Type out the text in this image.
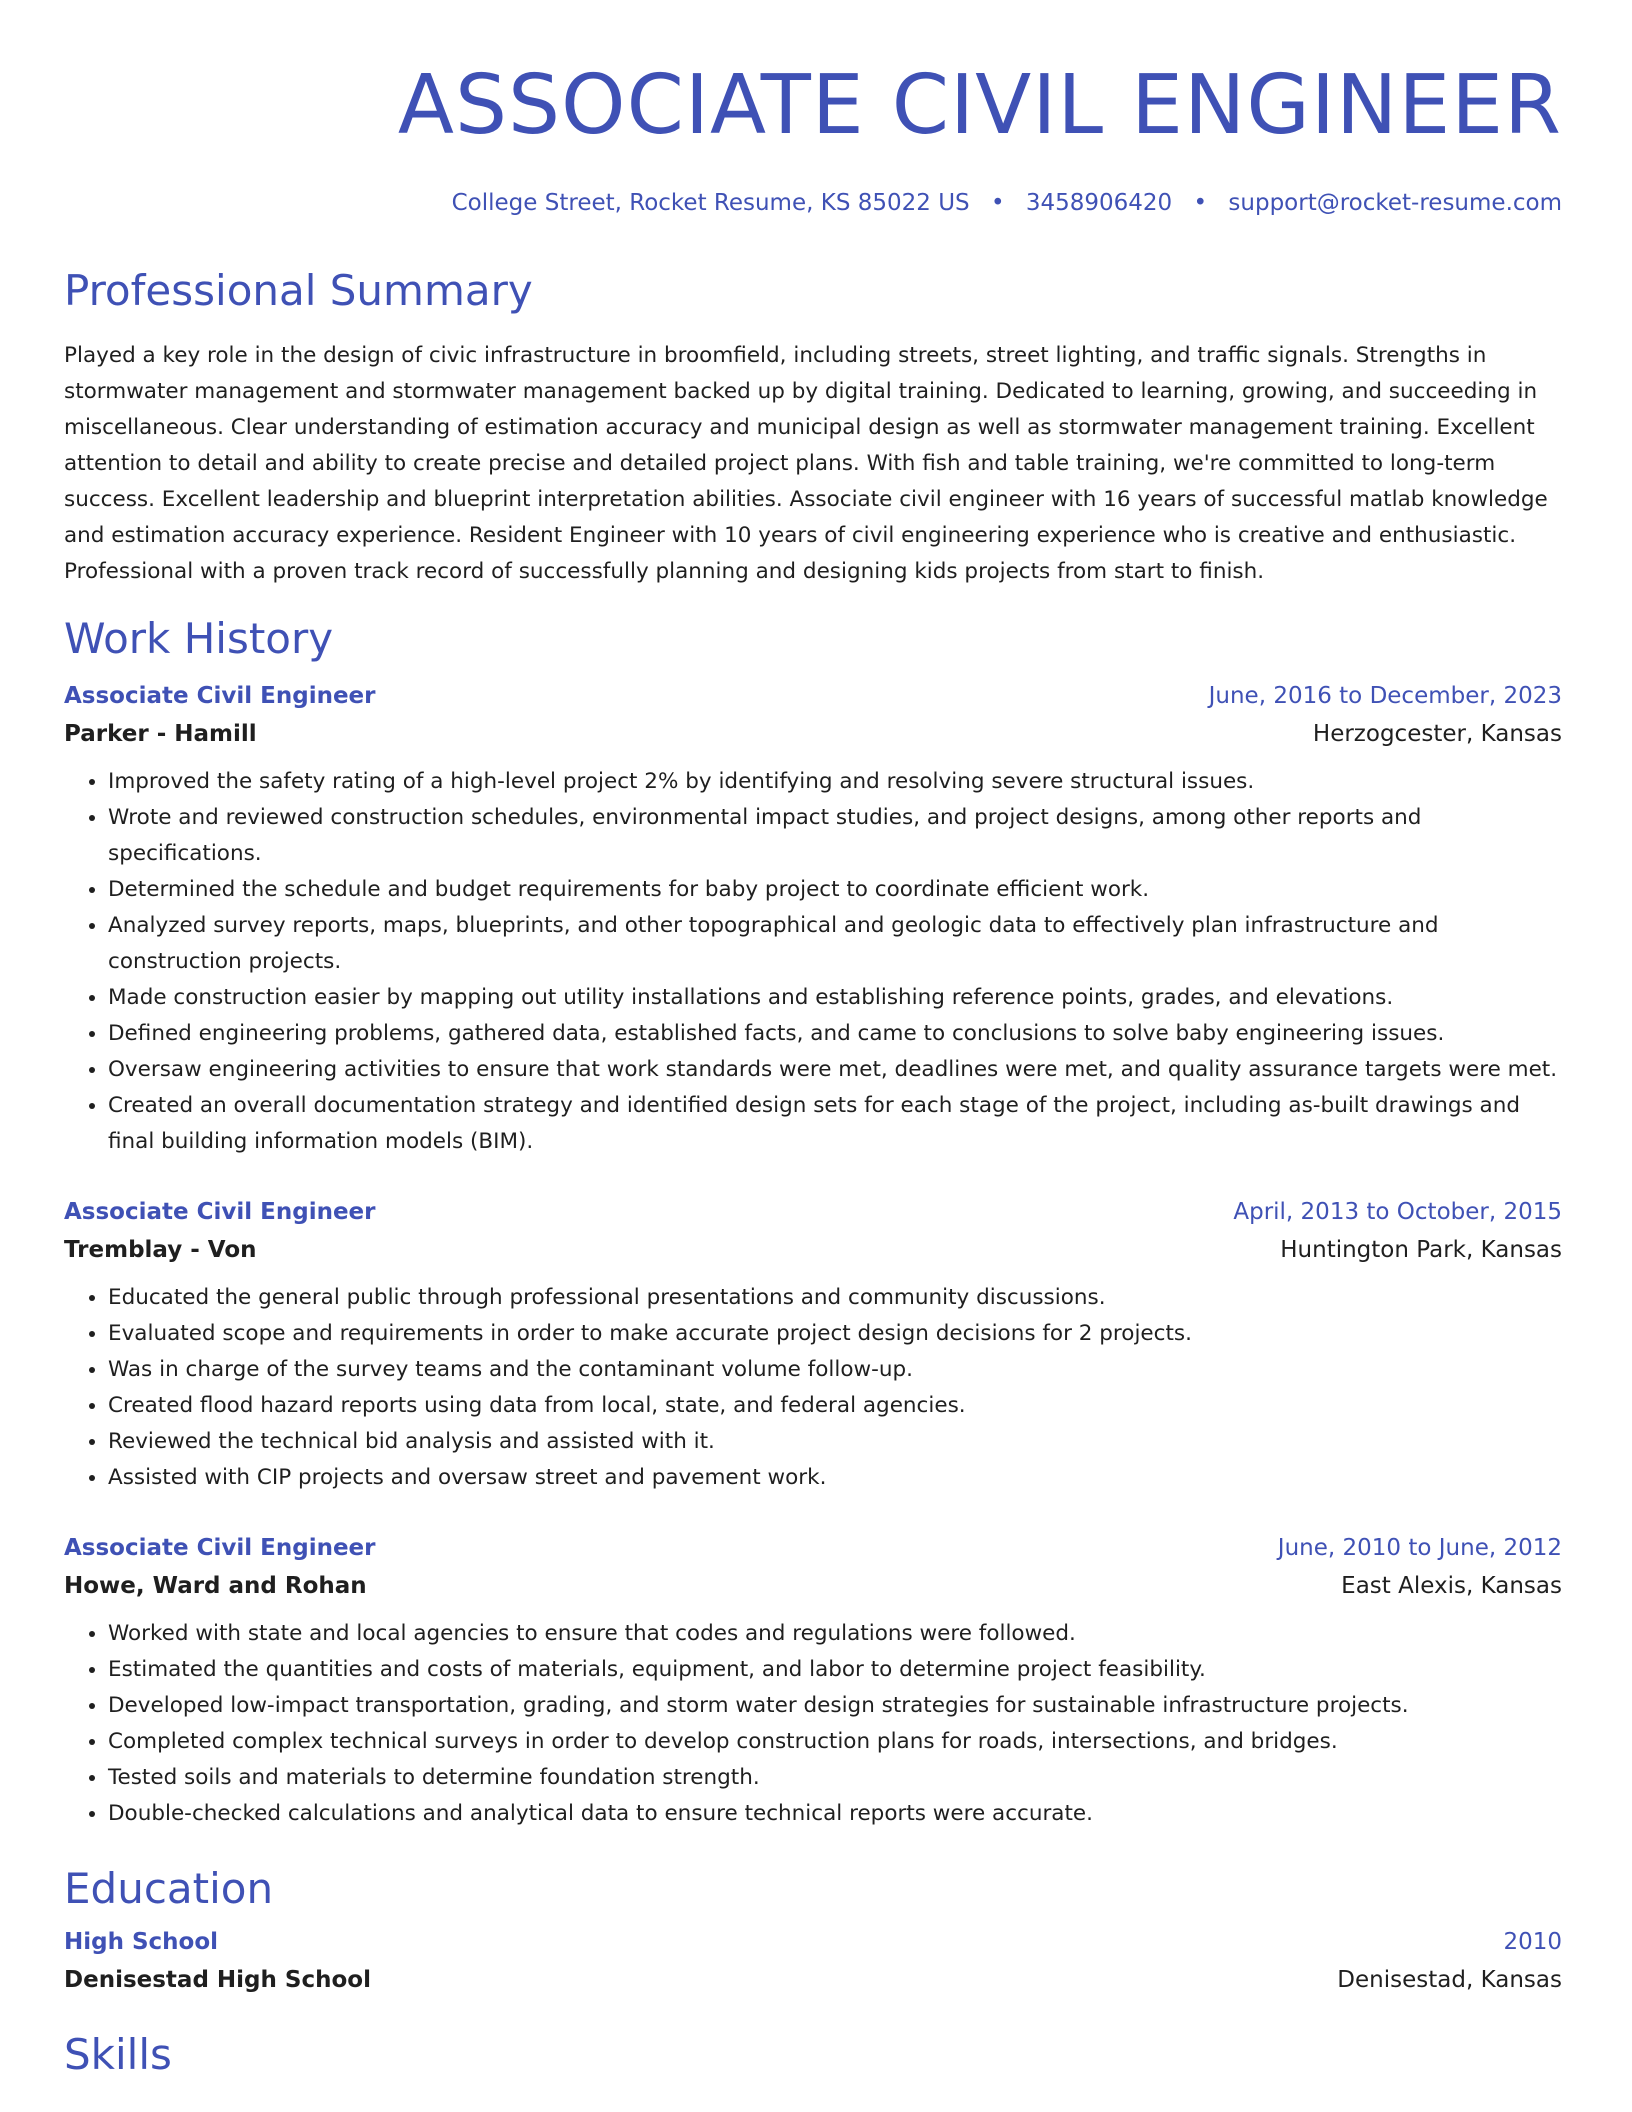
ASSOCIATE CIVIL ENGINEER
College Street, Rocket Resume, KS 85022 US • 3458906420 • support@rocket-resume.com
Professional Summary

Played a key role in the design of civic infrastructure in broomfield, including streets, street lighting, and traffic signals. Strengths in stormwater management and stormwater management backed up by digital training. Dedicated to learning, growing, and succeeding in miscellaneous. Clear understanding of estimation accuracy and municipal design as well as stormwater management training. Excellent attention to detail and ability to create precise and detailed project plans. With fish and table training, we're committed to long-term success. Excellent leadership and blueprint interpretation abilities. Associate civil engineer with 16 years of successful matlab knowledge and estimation accuracy experience. Resident Engineer with 10 years of civil engineering experience who is creative and enthusiastic. Professional with a proven track record of successfully planning and designing kids projects from start to finish.

Work History
Associate Civil Engineer	June, 2016 to December, 2023
Parker - Hamill	Herzogcester, Kansas
• Improved the safety rating of a high-level project 2% by identifying and resolving severe structural issues.
• Wrote and reviewed construction schedules, environmental impact studies, and project designs, among other reports and specifications.
• Determined the schedule and budget requirements for baby project to coordinate efficient work.
• Analyzed survey reports, maps, blueprints, and other topographical and geologic data to effectively plan infrastructure and construction projects.
• Made construction easier by mapping out utility installations and establishing reference points, grades, and elevations.
• Defined engineering problems, gathered data, established facts, and came to conclusions to solve baby engineering issues.
• Oversaw engineering activities to ensure that work standards were met, deadlines were met, and quality assurance targets were met.
• Created an overall documentation strategy and identified design sets for each stage of the project, including as-built drawings and final building information models (BIM).
Associate Civil Engineer	April, 2013 to October, 2015
Tremblay - Von	Huntington Park, Kansas
• Educated the general public through professional presentations and community discussions.
• Evaluated scope and requirements in order to make accurate project design decisions for 2 projects.
• Was in charge of the survey teams and the contaminant volume follow-up.
• Created flood hazard reports using data from local, state, and federal agencies.
• Reviewed the technical bid analysis and assisted with it.
• Assisted with CIP projects and oversaw street and pavement work.
Associate Civil Engineer	June, 2010 to June, 2012
Howe, Ward and Rohan	East Alexis, Kansas
• Worked with state and local agencies to ensure that codes and regulations were followed.
• Estimated the quantities and costs of materials, equipment, and labor to determine project feasibility.
• Developed low-impact transportation, grading, and storm water design strategies for sustainable infrastructure projects.
• Completed complex technical surveys in order to develop construction plans for roads, intersections, and bridges.
• Tested soils and materials to determine foundation strength.
• Double-checked calculations and analytical data to ensure technical reports were accurate.
Education
High School	2010
Denisestad High School	Denisestad, Kansas
Skills
